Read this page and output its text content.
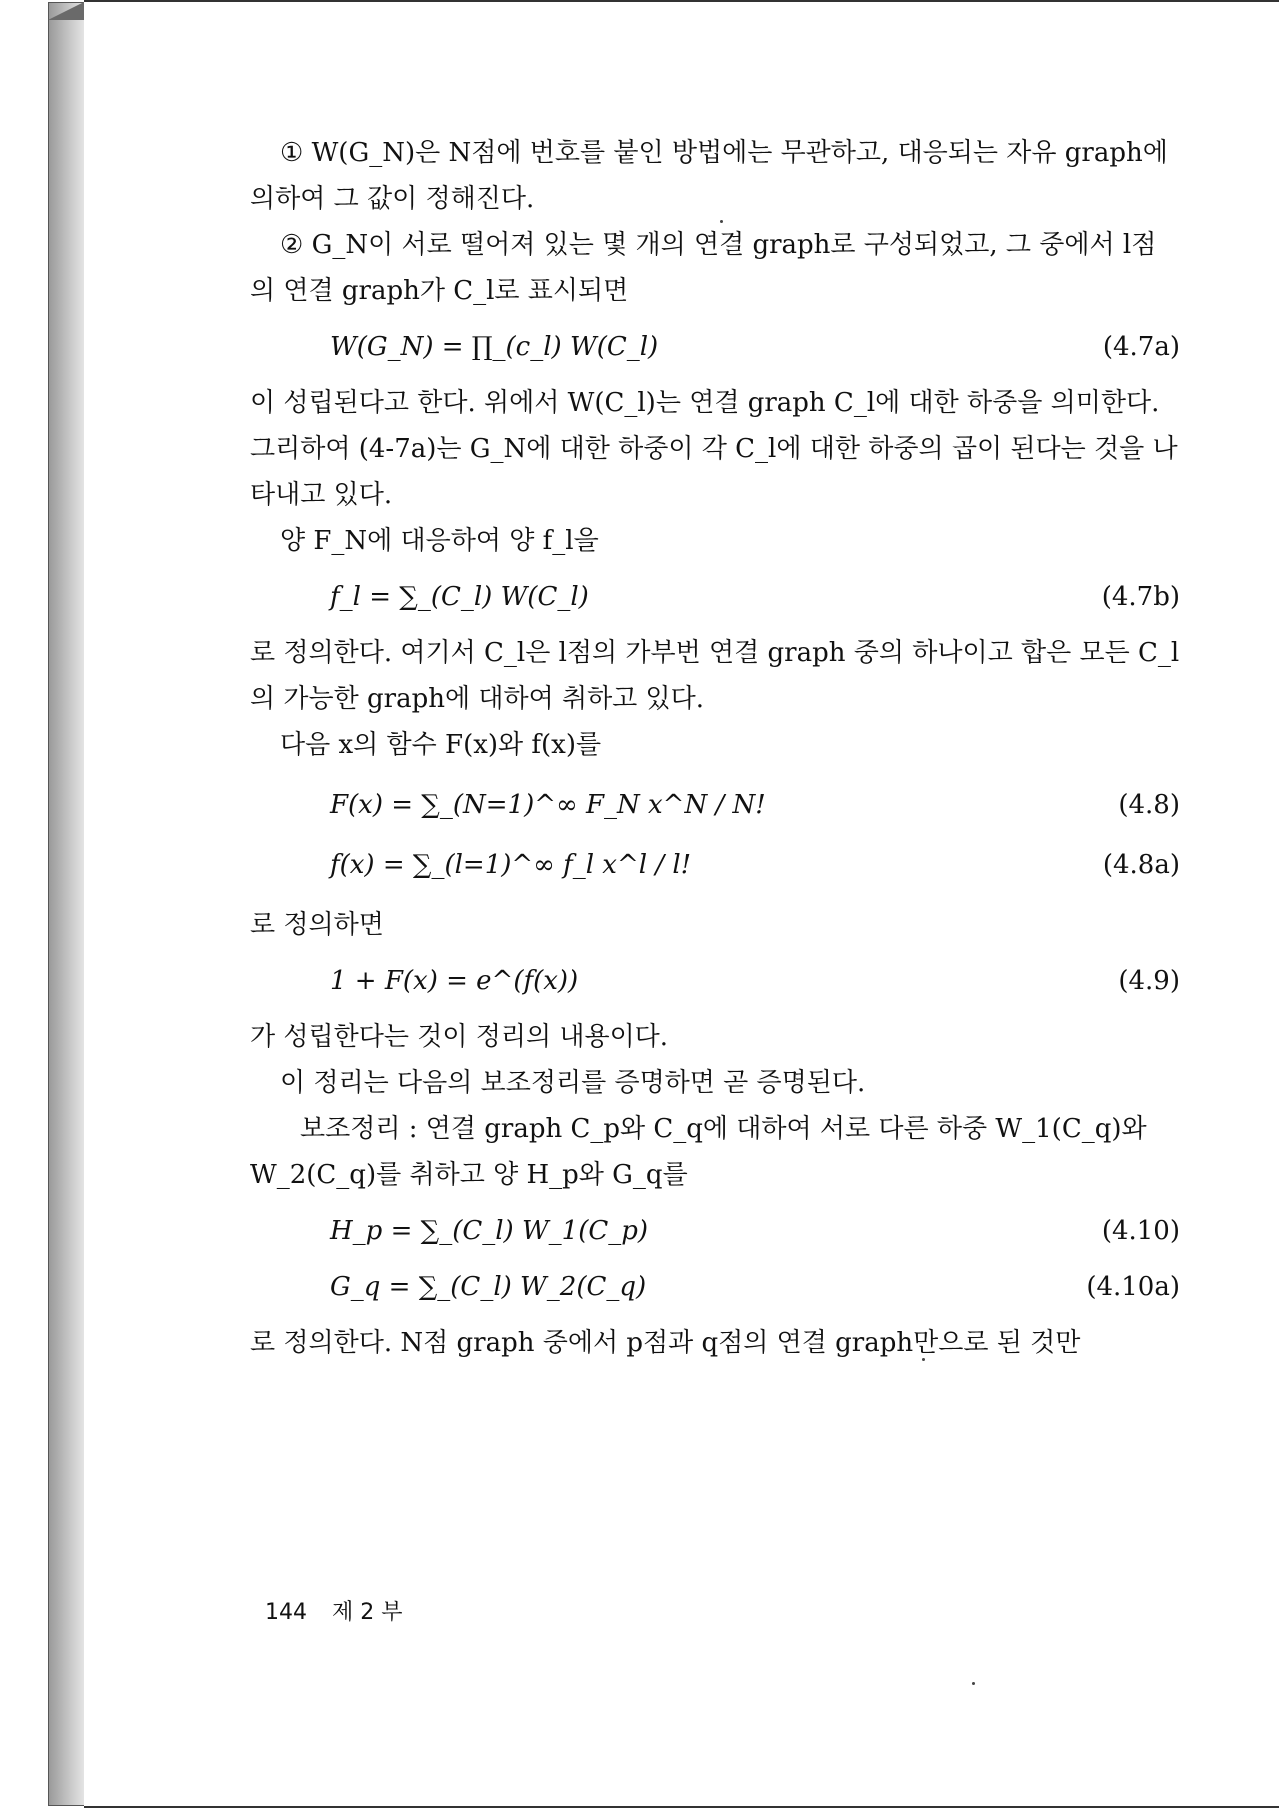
① W(G_N)은 N점에 번호를 붙인 방법에는 무관하고, 대응되는 자유 graph에 의하여 그 값이 정해진다.

② G_N이 서로 떨어져 있는 몇 개의 연결 graph로 구성되었고, 그 중에서 l점의 연결 graph가 C_l로 표시되면

W(G_N) = ∏_(c_l) W(C_l)	(4.7a)

이 성립된다고 한다. 위에서 W(C_l)는 연결 graph C_l에 대한 하중을 의미한다. 그리하여 (4-7a)는 G_N에 대한 하중이 각 C_l에 대한 하중의 곱이 된다는 것을 나타내고 있다.

양 F_N에 대응하여 양 f_l을

f_l = ∑_(C_l) W(C_l)	(4.7b)

로 정의한다. 여기서 C_l은 l점의 가부번 연결 graph 중의 하나이고 합은 모든 C_l의 가능한 graph에 대하여 취하고 있다.

다음 x의 함수 F(x)와 f(x)를

F(x) = ∑_(N=1)^∞ F_N x^N / N!	(4.8)
f(x) = ∑_(l=1)^∞ f_l x^l / l!	(4.8a)

로 정의하면

1 + F(x) = e^(f(x))	(4.9)

가 성립한다는 것이 정리의 내용이다.

이 정리는 다음의 보조정리를 증명하면 곧 증명된다.

보조정리 : 연결 graph C_p와 C_q에 대하여 서로 다른 하중 W_1(C_q)와 W_2(C_q)를 취하고 양 H_p와 G_q를

H_p = ∑_(C_l) W_1(C_p)	(4.10)
G_q = ∑_(C_l) W_2(C_q)	(4.10a)

로 정의한다. N점 graph 중에서 p점과 q점의 연결 graph만으로 된 것만

144 제 2 부
